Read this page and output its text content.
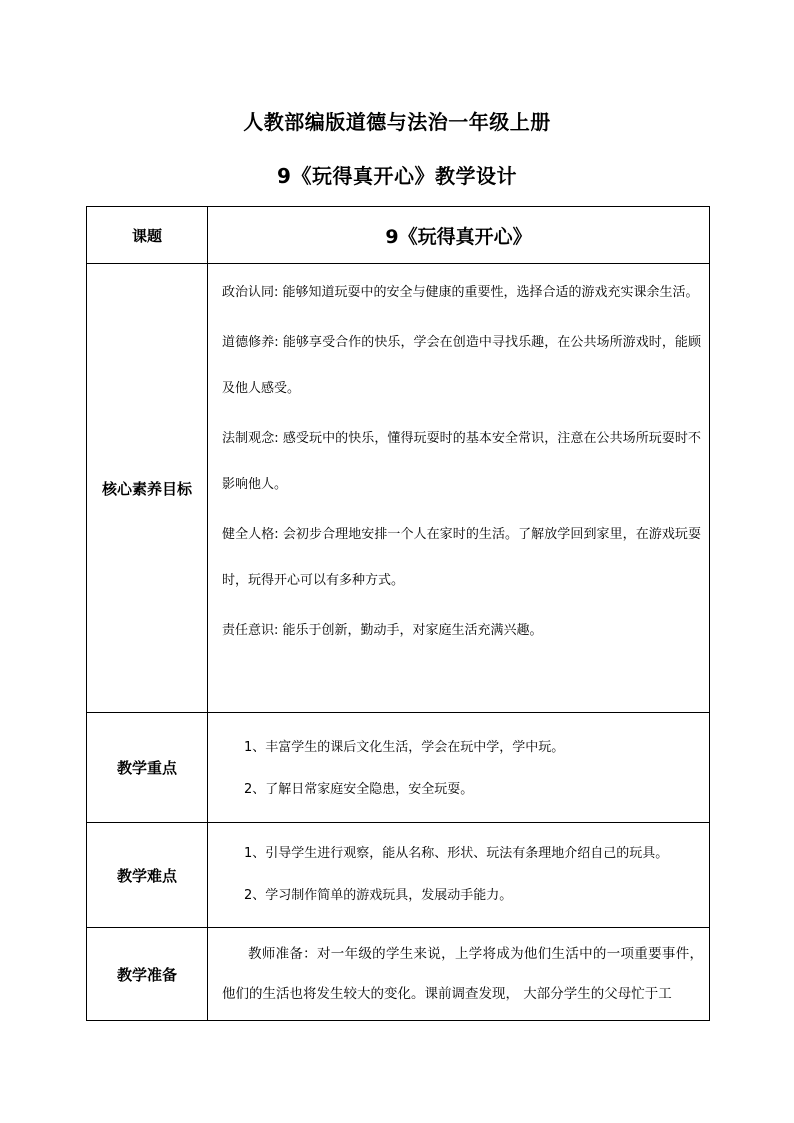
人教部编版道德与法治一年级上册
9《玩得真开心》教学设计
课题	9《玩得真开心》
核心素养目标	政治认同: 能够知道玩耍中的安全与健康的重要性，选择合适的游戏充实课余生活。

道德修养: 能够享受合作的快乐，学会在创造中寻找乐趣，在公共场所游戏时，能顾及他人感受。

法制观念: 感受玩中的快乐，懂得玩耍时的基本安全常识，注意在公共场所玩耍时不影响他人。

健全人格: 会初步合理地安排一个人在家时的生活。了解放学回到家里，在游戏玩耍时，玩得开心可以有多种方式。

责任意识: 能乐于创新，勤动手，对家庭生活充满兴趣。

教学重点	1、丰富学生的课后文化生活，学会在玩中学，学中玩。

2、了解日常家庭安全隐患，安全玩耍。

教学难点	1、引导学生进行观察，能从名称、形状、玩法有条理地介绍自己的玩具。

2、学习制作简单的游戏玩具，发展动手能力。

教学准备	教师准备：对一年级的学生来说，上学将成为他们生活中的一项重要事件，他们的生活也将发生较大的变化。课前调查发现， 大部分学生的父母忙于工
